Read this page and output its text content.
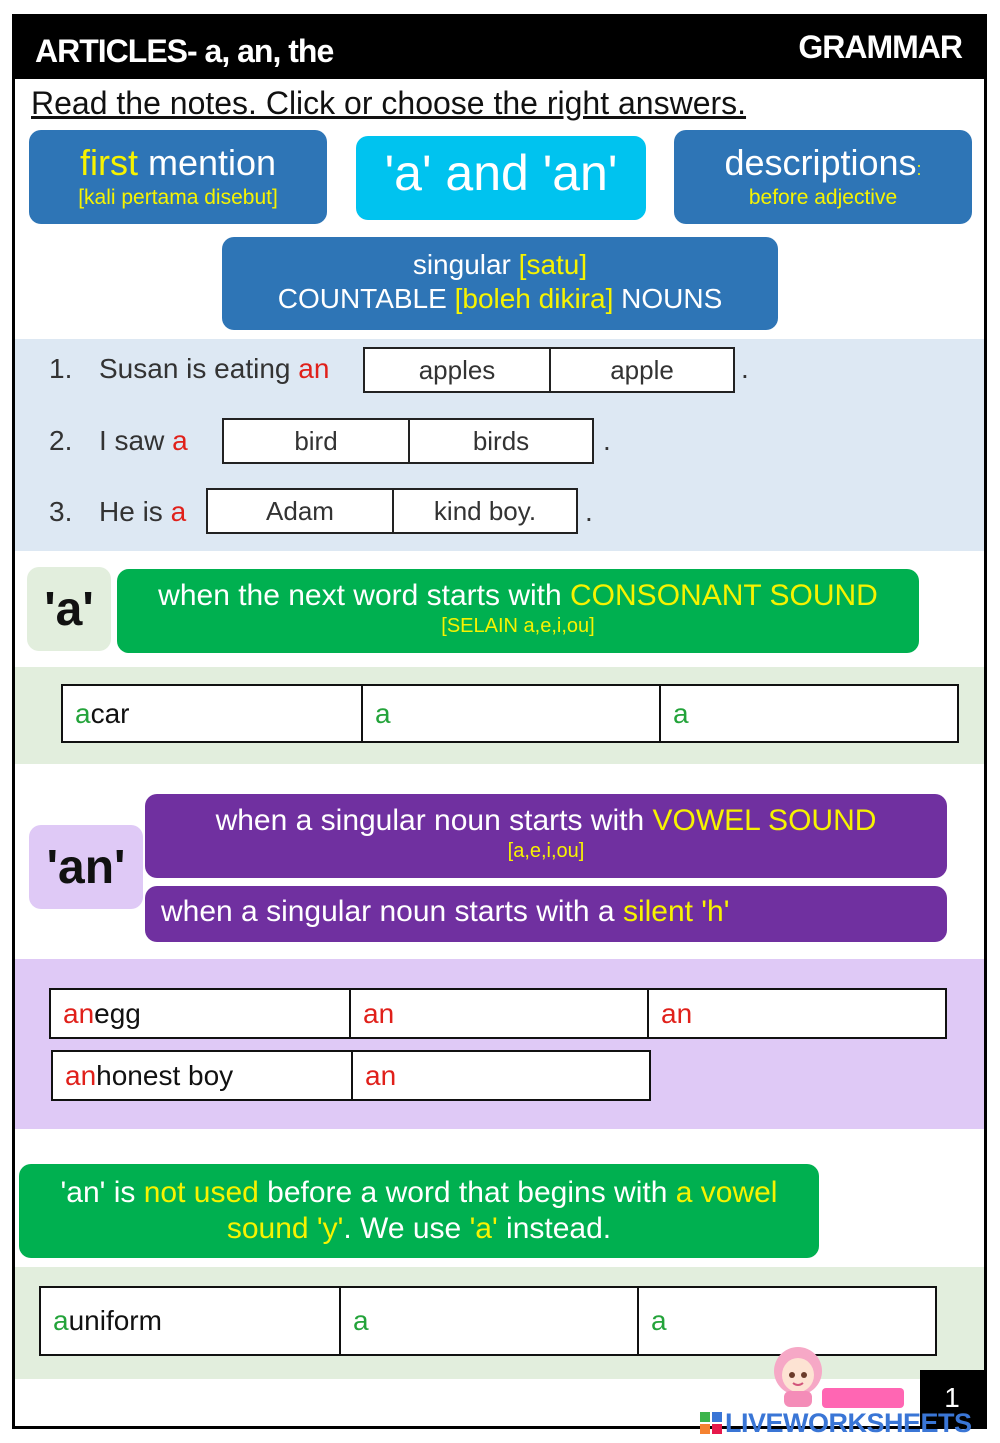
ARTICLES- a, an, the	GRAMMAR
Read the notes. Click or choose the right answers.
first mention
[kali pertama disebut]	'a' and 'an'	descriptions:
before adjective
singular [satu]
COUNTABLE [boleh dikira] NOUNS
1. Susan is eating an	apples	apple	.
2. I saw a	bird	birds	.
3. He is a	Adam	kind boy.	.
'a'	when the next word starts with CONSONANT SOUND
[SELAIN a,e,i,ou]
a car	a	a
'an'
when a singular noun starts with VOWEL SOUND
[a,e,i,ou]
when a singular noun starts with a silent 'h'
an egg	an	an
an honest boy	an
'an' is not used before a word that begins with a vowel
sound 'y'. We use 'a' instead.
a uniform	a	a
1
LIVEWORKSHEETS
